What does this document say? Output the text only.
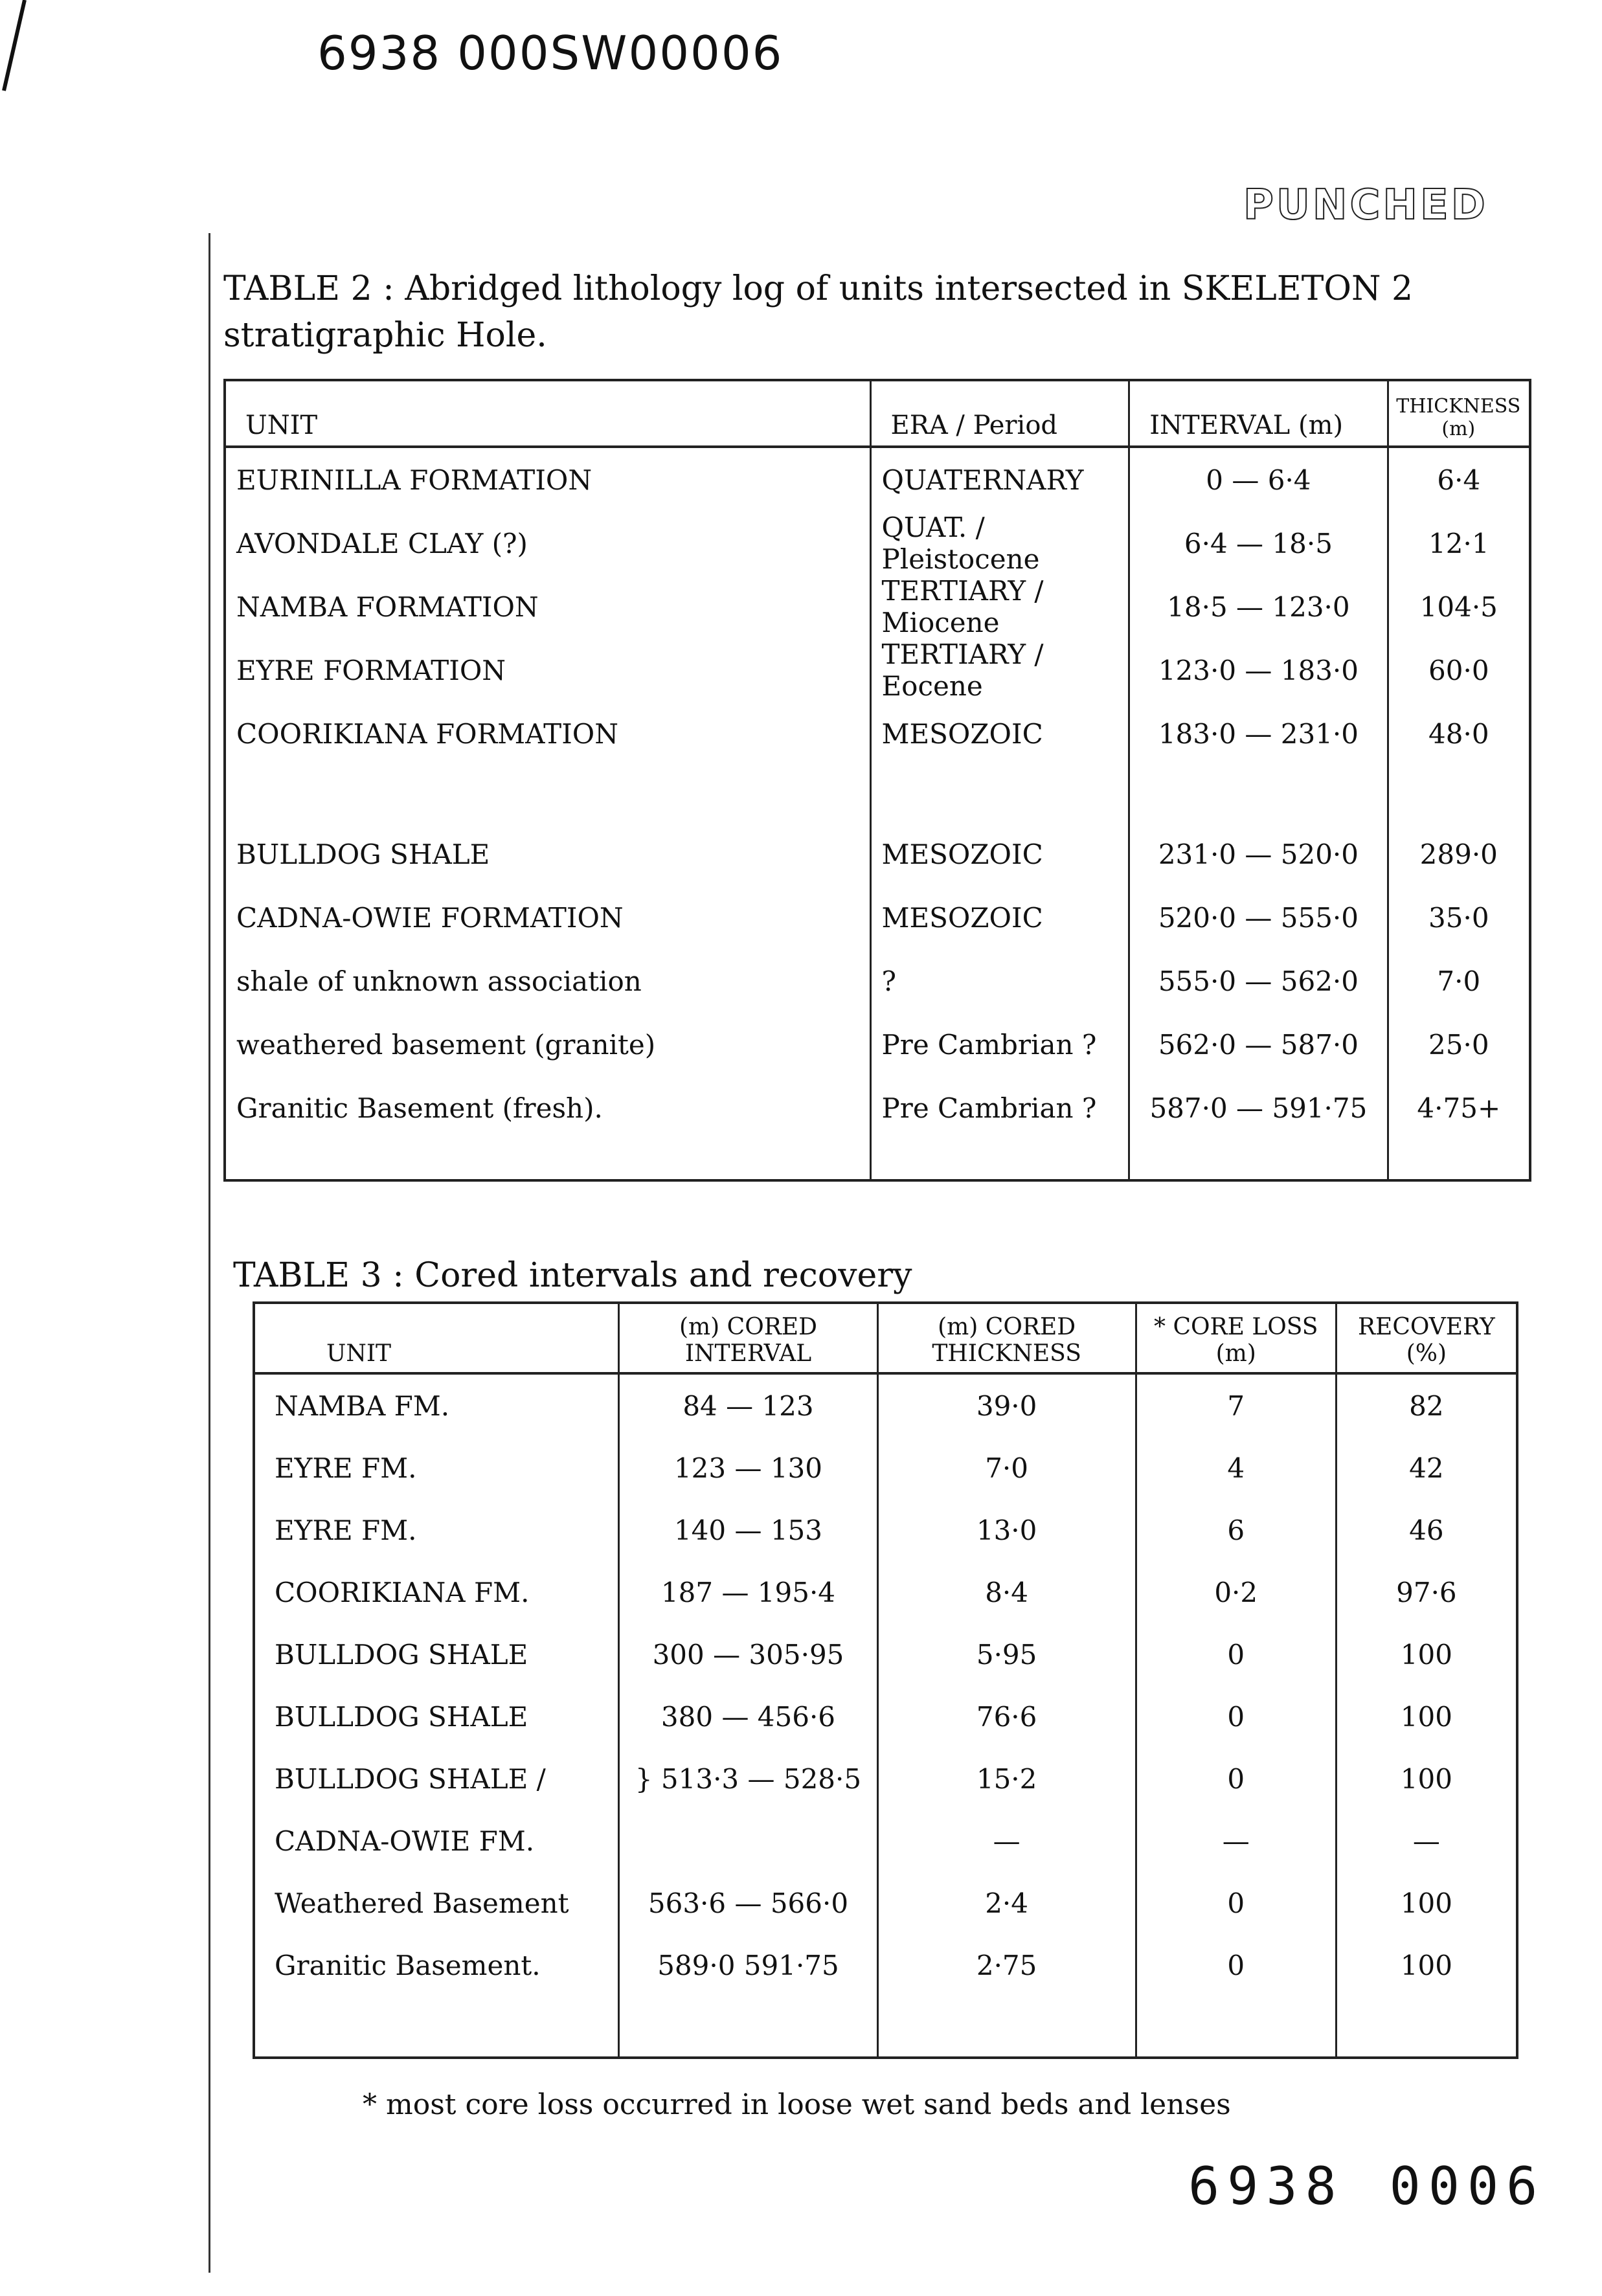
6938 000SW00006
PUNCHED
TABLE 2 : Abridged lithology log of units intersected in SKELETON 2 stratigraphic Hole.
UNIT	ERA / Period	INTERVAL (m)	THICKNESS (m)
EURINILLA FORMATION	QUATERNARY	0 — 6·4	6·4
AVONDALE CLAY (?)	QUAT. / Pleistocene	6·4 — 18·5	12·1
NAMBA FORMATION	TERTIARY / Miocene	18·5 — 123·0	104·5
EYRE FORMATION	TERTIARY / Eocene	123·0 — 183·0	60·0
COORIKIANA FORMATION	MESOZOIC	183·0 — 231·0	48·0

BULLDOG SHALE	MESOZOIC	231·0 — 520·0	289·0
CADNA-OWIE FORMATION	MESOZOIC	520·0 — 555·0	35·0
shale of unknown association	?	555·0 — 562·0	7·0
weathered basement (granite)	Pre Cambrian ?	562·0 — 587·0	25·0
Granitic Basement (fresh).	Pre Cambrian ?	587·0 — 591·75	4·75+

TABLE 3 : Cored intervals and recovery
UNIT	(m) CORED INTERVAL	(m) CORED THICKNESS	* CORE LOSS (m)	RECOVERY (%)
NAMBA FM.	84 — 123	39·0	7	82
EYRE FM.	123 — 130	7·0	4	42
EYRE FM.	140 — 153	13·0	6	46
COORIKIANA FM.	187 — 195·4	8·4	0·2	97·6
BULLDOG SHALE	300 — 305·95	5·95	0	100
BULLDOG SHALE	380 — 456·6	76·6	0	100
BULLDOG SHALE /	} 513·3 — 528·5	15·2	0	100
CADNA-OWIE FM.		—	—	—
Weathered Basement	563·6 — 566·0	2·4	0	100
Granitic Basement.	589·0 591·75	2·75	0	100

* most core loss occurred in loose wet sand beds and lenses
6938 0006
